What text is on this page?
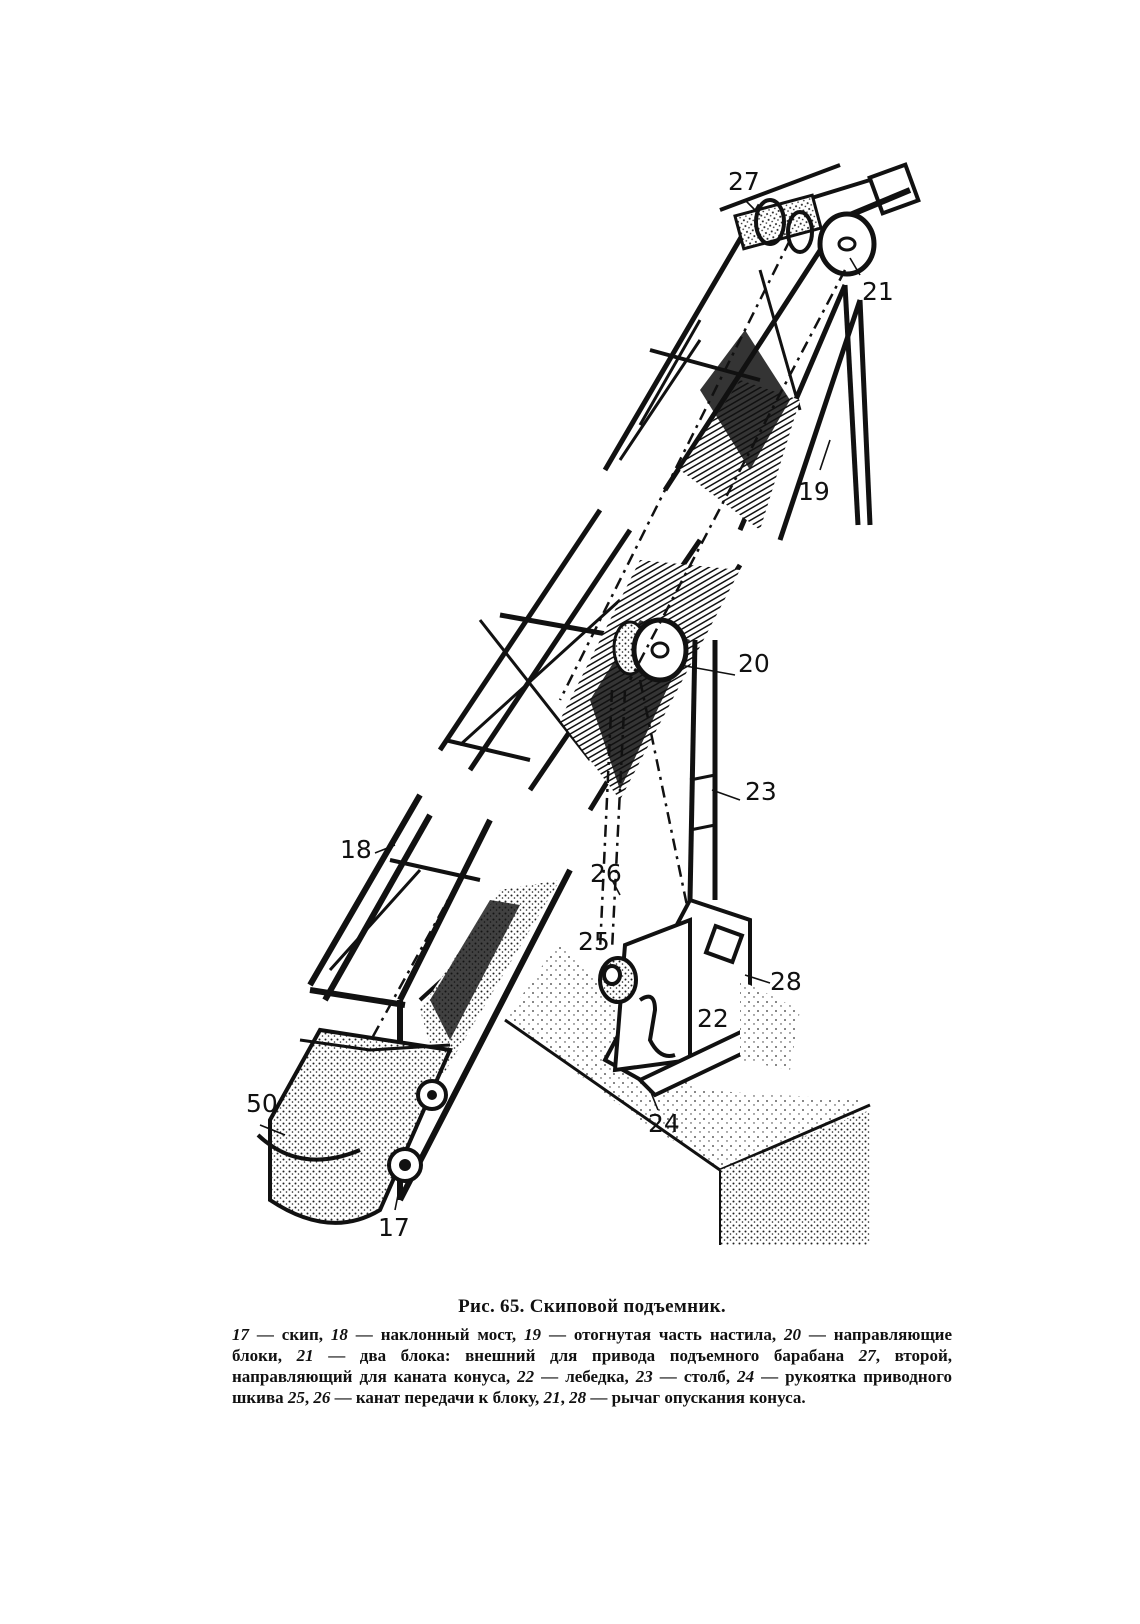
27
21
19
20
23
18
26
25
28
22
50
24
17

Рис. 65. Скиповой подъемник.

17 — скип, 18 — наклонный мост, 19 — отогнутая часть настила, 20 — направляющие блоки, 21 — два блока: внешний для привода подъемного барабана 27, второй, направляющий для каната конуса, 22 — лебедка, 23 — столб, 24 — рукоятка приводного шкива 25, 26 — канат передачи к блоку, 21, 28 — рычаг опускания конуса.
